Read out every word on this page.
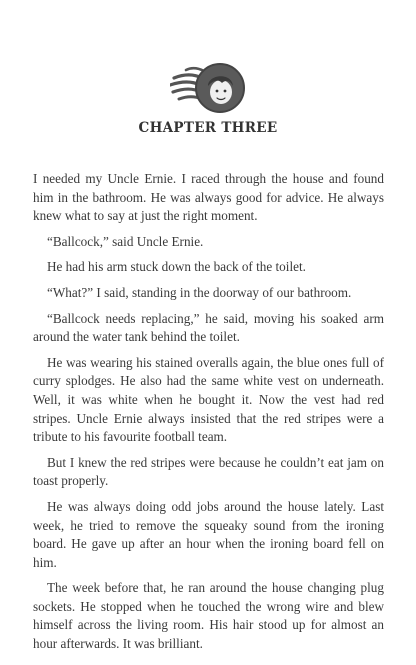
CHAPTER THREE

I needed my Uncle Ernie. I raced through the house and found him in the bathroom. He was always good for advice. He always knew what to say at just the right moment.

“Ballcock,” said Uncle Ernie.

He had his arm stuck down the back of the toilet.

“What?” I said, standing in the doorway of our bathroom.

“Ballcock needs replacing,” he said, moving his soaked arm around the water tank behind the toilet.

He was wearing his stained overalls again, the blue ones full of curry splodges. He also had the same white vest on underneath. Well, it was white when he bought it. Now the vest had red stripes. Uncle Ernie always insisted that the red stripes were a tribute to his favourite football team.

But I knew the red stripes were because he couldn’t eat jam on toast properly.

He was always doing odd jobs around the house lately. Last week, he tried to remove the squeaky sound from the ironing board. He gave up after an hour when the ironing board fell on him.

The week before that, he ran around the house changing plug sockets. He stopped when he touched the wrong wire and blew himself across the living room. His hair stood up for almost an hour afterwards. It was brilliant.
